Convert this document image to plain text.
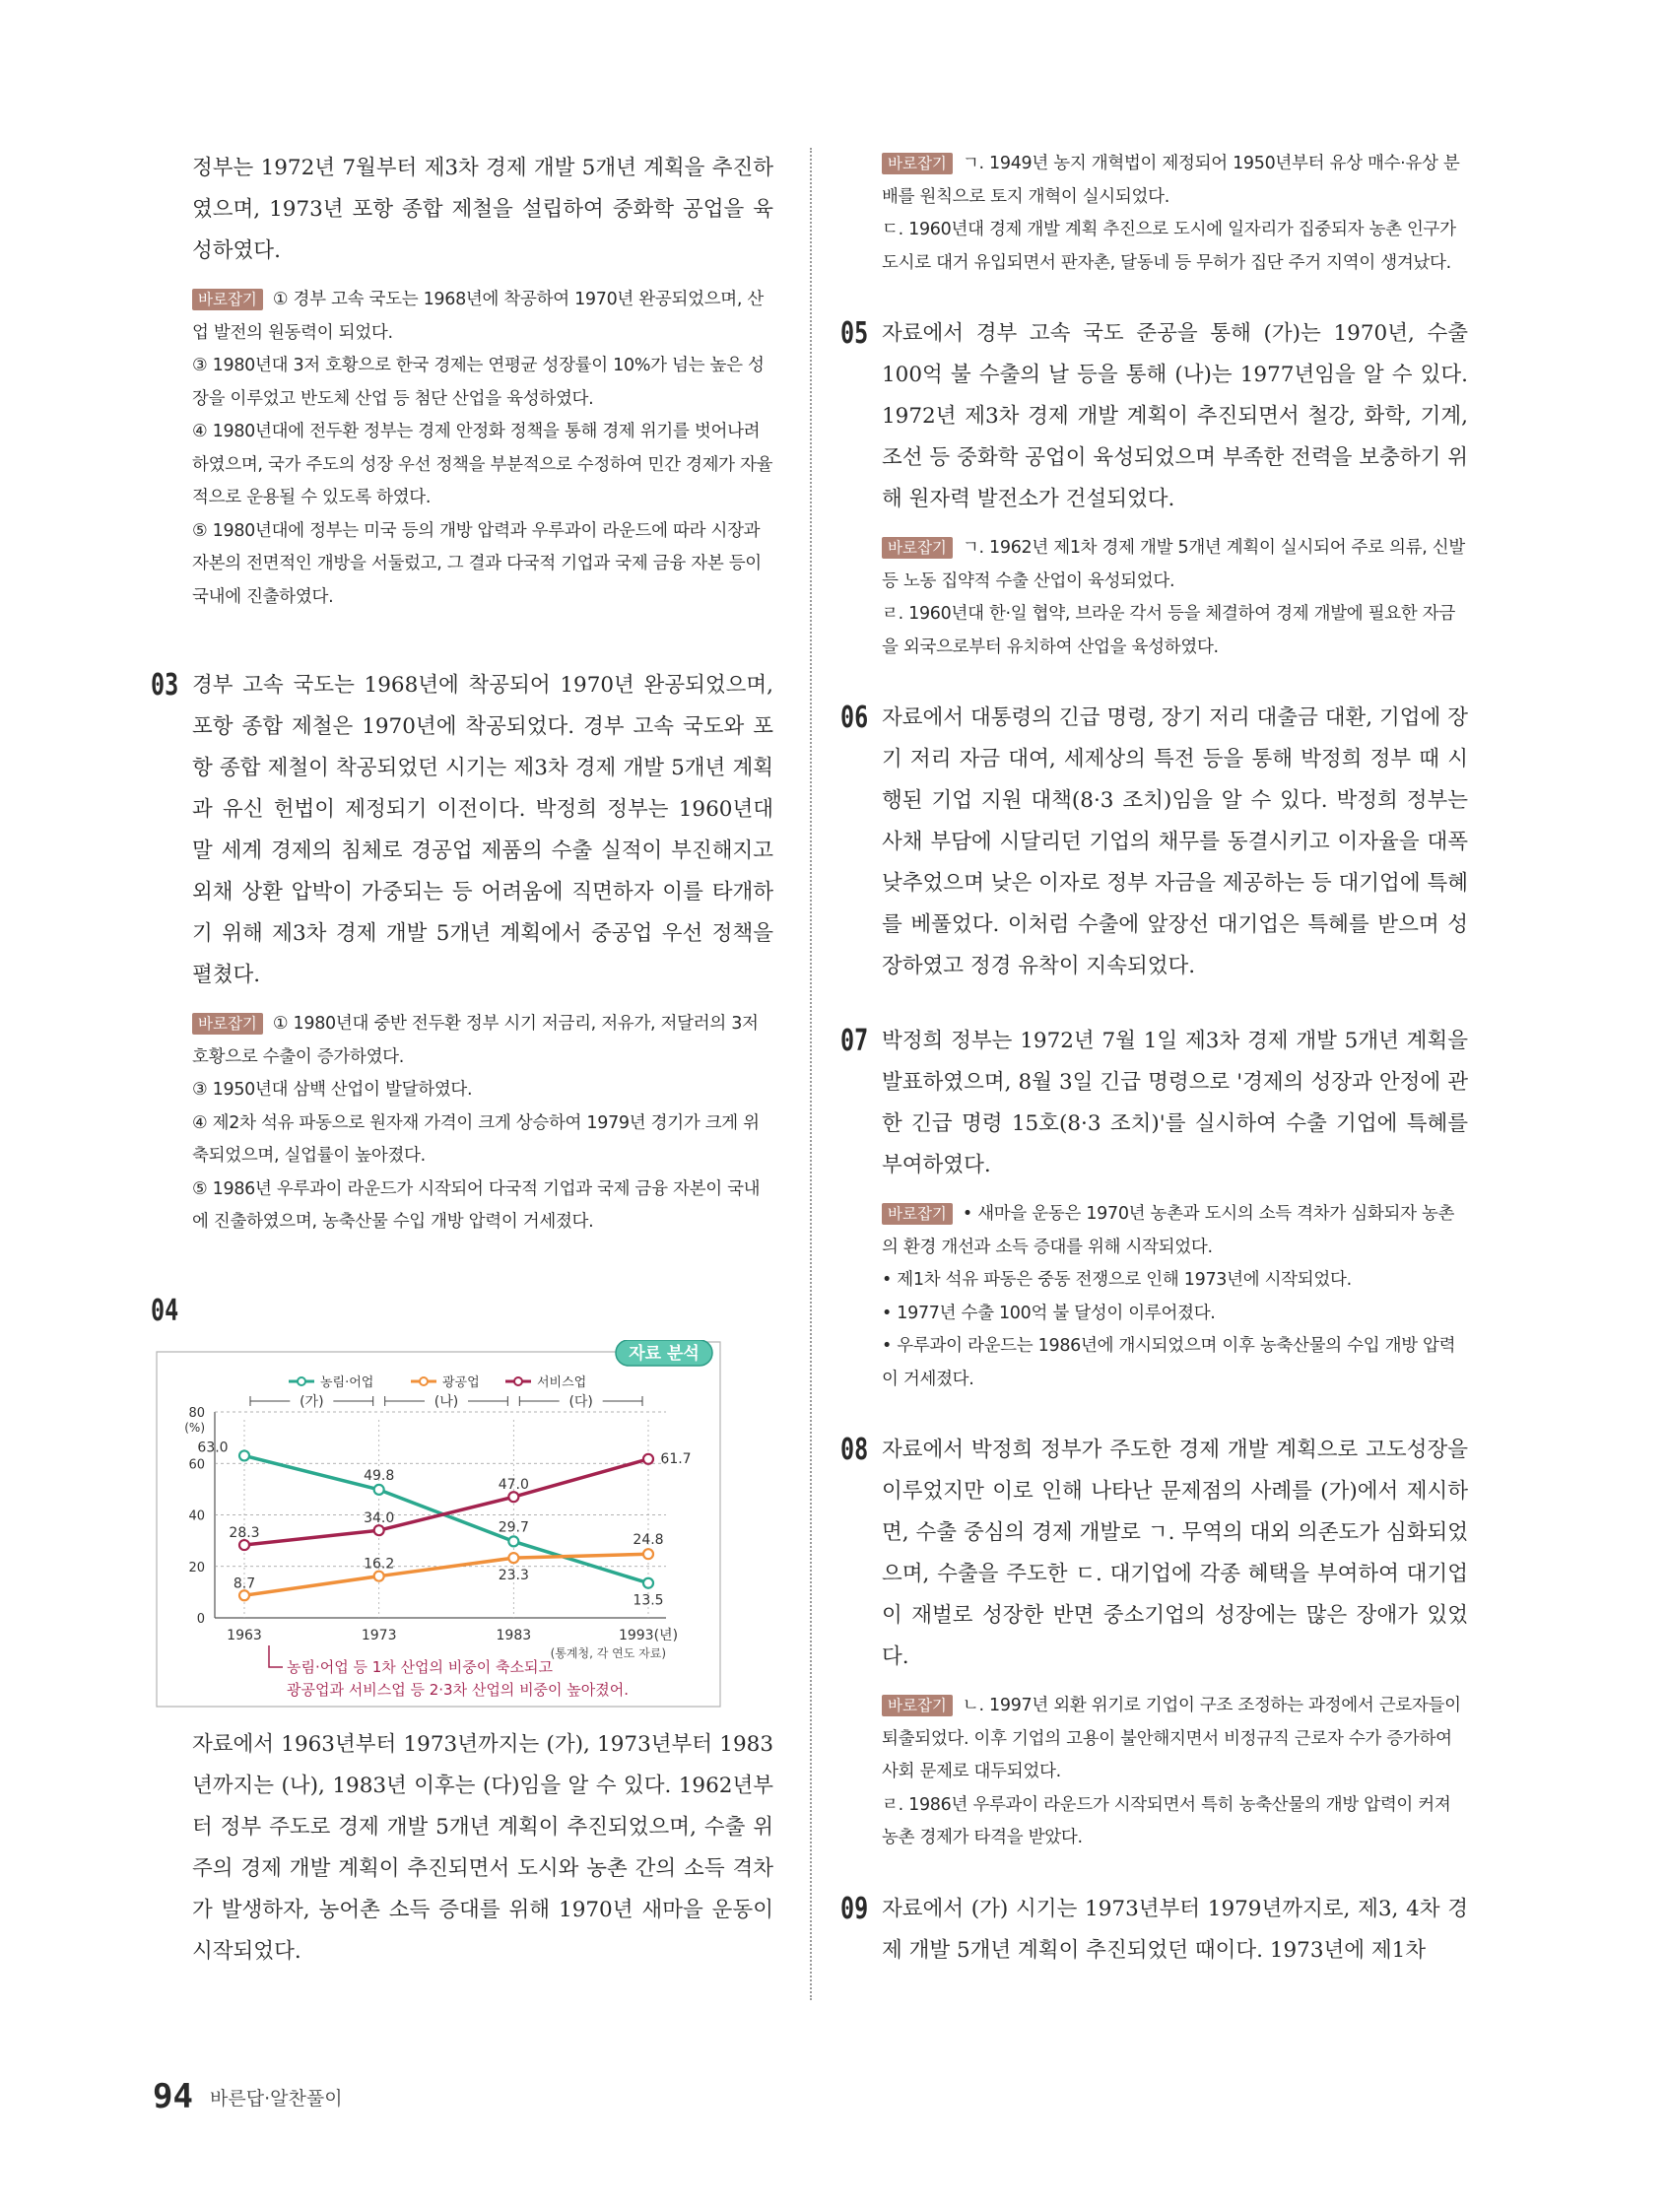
정부는 1972년 7월부터 제3차 경제 개발 5개년 계획을 추진하였으며, 1973년 포항 종합 제철을 설립하여 중화학 공업을 육성하였다.

바로잡기 ① 경부 고속 국도는 1968년에 착공하여 1970년 완공되었으며, 산업 발전의 원동력이 되었다.

③ 1980년대 3저 호황으로 한국 경제는 연평균 성장률이 10%가 넘는 높은 성장을 이루었고 반도체 산업 등 첨단 산업을 육성하였다.

④ 1980년대에 전두환 정부는 경제 안정화 정책을 통해 경제 위기를 벗어나려 하였으며, 국가 주도의 성장 우선 정책을 부분적으로 수정하여 민간 경제가 자율적으로 운용될 수 있도록 하였다.

⑤ 1980년대에 정부는 미국 등의 개방 압력과 우루과이 라운드에 따라 시장과 자본의 전면적인 개방을 서둘렀고, 그 결과 다국적 기업과 국제 금융 자본 등이 국내에 진출하였다.

03 경부 고속 국도는 1968년에 착공되어 1970년 완공되었으며, 포항 종합 제철은 1970년에 착공되었다. 경부 고속 국도와 포항 종합 제철이 착공되었던 시기는 제3차 경제 개발 5개년 계획과 유신 헌법이 제정되기 이전이다. 박정희 정부는 1960년대 말 세계 경제의 침체로 경공업 제품의 수출 실적이 부진해지고 외채 상환 압박이 가중되는 등 어려움에 직면하자 이를 타개하기 위해 제3차 경제 개발 5개년 계획에서 중공업 우선 정책을 펼쳤다.

바로잡기 ① 1980년대 중반 전두환 정부 시기 저금리, 저유가, 저달러의 3저 호황으로 수출이 증가하였다.

③ 1950년대 삼백 산업이 발달하였다.

④ 제2차 석유 파동으로 원자재 가격이 크게 상승하여 1979년 경기가 크게 위축되었으며, 실업률이 높아졌다.

⑤ 1986년 우루과이 라운드가 시작되어 다국적 기업과 국제 금융 자본이 국내에 진출하였으며, 농축산물 수입 개방 압력이 거세졌다.

04
자료 분석
0
20
40
60
80
(%)
1963	1973	1983	1993(년)
농림·어업	광공업	서비스업
(가)	(나)	(다)
63.0
49.8
29.7
13.5
8.7
16.2
23.3
24.8
28.3
34.0
47.0
61.7
(통계청, 각 연도 자료)
농림·어업 등 1차 산업의 비중이 축소되고
광공업과 서비스업 등 2·3차 산업의 비중이 높아졌어.

자료에서 1963년부터 1973년까지는 (가), 1973년부터 1983년까지는 (나), 1983년 이후는 (다)임을 알 수 있다. 1962년부터 정부 주도로 경제 개발 5개년 계획이 추진되었으며, 수출 위주의 경제 개발 계획이 추진되면서 도시와 농촌 간의 소득 격차가 발생하자, 농어촌 소득 증대를 위해 1970년 새마을 운동이 시작되었다.

바로잡기 ㄱ. 1949년 농지 개혁법이 제정되어 1950년부터 유상 매수·유상 분배를 원칙으로 토지 개혁이 실시되었다.

ㄷ. 1960년대 경제 개발 계획 추진으로 도시에 일자리가 집중되자 농촌 인구가 도시로 대거 유입되면서 판자촌, 달동네 등 무허가 집단 주거 지역이 생겨났다.

05 자료에서 경부 고속 국도 준공을 통해 (가)는 1970년, 수출 100억 불 수출의 날 등을 통해 (나)는 1977년임을 알 수 있다. 1972년 제3차 경제 개발 계획이 추진되면서 철강, 화학, 기계, 조선 등 중화학 공업이 육성되었으며 부족한 전력을 보충하기 위해 원자력 발전소가 건설되었다.

바로잡기 ㄱ. 1962년 제1차 경제 개발 5개년 계획이 실시되어 주로 의류, 신발 등 노동 집약적 수출 산업이 육성되었다.

ㄹ. 1960년대 한·일 협약, 브라운 각서 등을 체결하여 경제 개발에 필요한 자금을 외국으로부터 유치하여 산업을 육성하였다.

06 자료에서 대통령의 긴급 명령, 장기 저리 대출금 대환, 기업에 장기 저리 자금 대여, 세제상의 특전 등을 통해 박정희 정부 때 시행된 기업 지원 대책(8·3 조치)임을 알 수 있다. 박정희 정부는 사채 부담에 시달리던 기업의 채무를 동결시키고 이자율을 대폭 낮추었으며 낮은 이자로 정부 자금을 제공하는 등 대기업에 특혜를 베풀었다. 이처럼 수출에 앞장선 대기업은 특혜를 받으며 성장하였고 정경 유착이 지속되었다.

07 박정희 정부는 1972년 7월 1일 제3차 경제 개발 5개년 계획을 발표하였으며, 8월 3일 긴급 명령으로 '경제의 성장과 안정에 관한 긴급 명령 15호(8·3 조치)'를 실시하여 수출 기업에 특혜를 부여하였다.

바로잡기 • 새마을 운동은 1970년 농촌과 도시의 소득 격차가 심화되자 농촌의 환경 개선과 소득 증대를 위해 시작되었다.

• 제1차 석유 파동은 중동 전쟁으로 인해 1973년에 시작되었다.

• 1977년 수출 100억 불 달성이 이루어졌다.

• 우루과이 라운드는 1986년에 개시되었으며 이후 농축산물의 수입 개방 압력이 거세졌다.

08 자료에서 박정희 정부가 주도한 경제 개발 계획으로 고도성장을 이루었지만 이로 인해 나타난 문제점의 사례를 (가)에서 제시하면, 수출 중심의 경제 개발로 ㄱ. 무역의 대외 의존도가 심화되었으며, 수출을 주도한 ㄷ. 대기업에 각종 혜택을 부여하여 대기업이 재벌로 성장한 반면 중소기업의 성장에는 많은 장애가 있었다.

바로잡기 ㄴ. 1997년 외환 위기로 기업이 구조 조정하는 과정에서 근로자들이 퇴출되었다. 이후 기업의 고용이 불안해지면서 비정규직 근로자 수가 증가하여 사회 문제로 대두되었다.

ㄹ. 1986년 우루과이 라운드가 시작되면서 특히 농축산물의 개방 압력이 커져 농촌 경제가 타격을 받았다.

09 자료에서 (가) 시기는 1973년부터 1979년까지로, 제3, 4차 경제 개발 5개년 계획이 추진되었던 때이다. 1973년에 제1차

94 바른답·알찬풀이
